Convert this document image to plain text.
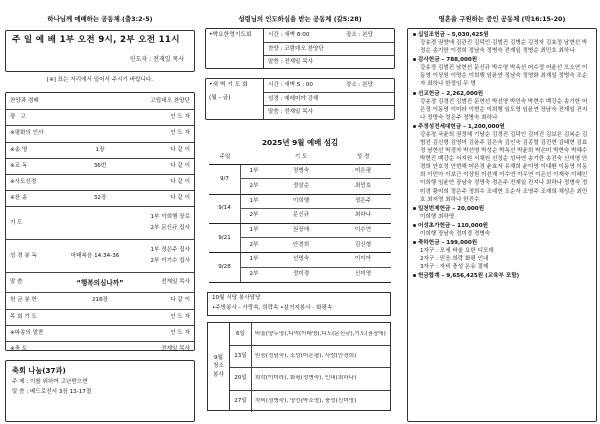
하나님께 예배하는 공동체 (출3:2-5)
주 일 예 배 1부 오전 9시, 2부 오전 11시
인도자 : 전재일 목사
[※] 표는 자리에서 일어서 주시기 바랍니다.
찬양과 경배	고립대오 찬양단
광 고	인 도 자
※평화의 인사	인 도 자
※송 영	1장	다 같 이
※교 독	36번	다 같 이
※사도신경	다 같 이
※찬 송	32장	다 같 이
기 도
1부 이희행 장로
2부 문신규 집사
성 경 봉 독	마태복음 14:34-36
1부 정은주 집사
2부 이기수 집사
말 씀	“행복의심나까”	전재일 목사
헌 금 봉 헌	216장	다 같 이
목 회 기 도	인 도 자
※파송의 말씀	인 도 자
※축 도	전재일 목사
축회 나눔(37과)
주 제 : 이를 위하여 고난받으면
말 씀 : 베드로전서 3장 13-17절
성령님의 인도하심을 받는 공동체 (갈5:28)
•박요한영기도회	시간 : 새벽 8:00	장소 : 본당
찬양 : 코람데오 찬양단
말씀 : 전재일 목사
•새 벽 기 도 회
(월 - 금)
시간 : 새벽 5 : 00	장소 : 본당
성경 : 예레미야 강해
말씀 : 전재일 목사
2025년 9월 예배 섬김
주일	기 도	성 경
9/7
1부	정병숙	어은평
2부	정삼순	최민호
9/14
1부	이희행	정은주
2부	문신규	최하나
9/21
1부	권장애	이수연
2부	안경희	김신형
9/28
1부	선명숙	이이아
2부	정미경	신미영
10월 식당 봉사담당
•주방봉사 - 사랑속, 희락속 •설거지봉사 - 화평속
9월
청소
봉사
6일	바울(양두영),디먹(이태영),디도(문신규),기도(권장애)
13일	믿음(정남숙), 소망(어은평), 사랑(안경희)
20일	희락(이미라), 화평(정병숙), 인내(최하나)
27일	자비(정병숙), 양선(박소영), 충성(신미영)
영혼을 구원하는 증인 공동체 (막16:15-20)
십일조헌금 – 5,030,425원
강송경 권향애 김관진 김덕인 김범진 김병순 김정자 김효정 남현선 박정순 송기한 이정희 정남숙 정병숙 전재일 정병순 최민호 최하나
감사헌금 – 788,000원
강송경 김범진 남현선 문신규 박수영 박옥선 어수정 어윤선 오소연 이동영 이상원 이명순 이희행 임윤연 정남숙 정영화 최재일 정병숙 조순자 최하나 한정임 무 명
선교헌금 – 2,262,000원
강송경 김경진 김범진 문현선 박선영 박민숙 박현수 백강순 송기한 어은정 이동영 이미라 이현순 이희행 임도영 임윤연 장남숙 전재일 진지나 정명숙 정은주 정병숙 최하나
주정성전세대헌금 – 1,200,000원
강송경 국윤희 권정혜 기남순 김경진 김덕인 김미진 김보은 김복순 김범진 김신형 김영미 김윤주 김은숙 김인숙 김종렬 김진현 김태현 김효정 남현선 박경자 박선영 박성순 박옥선 박윤희 박은미 박현숙 박혜수 박현진 백강순 서지원 서채원 선정순 성낙연 송기한 송진숙 신미영 안경희 안호정 안현해 어은경 윤효자 유재희 윤이영 이대환 이동영 이동희 이민아 이보근 이상원 이선재 이수연 이우연 이은선 이재숙 이혜인 이희행 임윤연 장남숙 정명숙 정은주 전재일 진지나 최하나 정병숙 정미경 황미희 정은주 정희수 조대현 조순자 조영주 조재희 채성은 최민호 최지영 최하나 한진수
일천번제헌금 – 20,000원
이희행 최하영
어성초가헌금 – 110,000원
이희행 장남숙 정미경 정병숙
축하헌금 – 199,000원
1자구 : 모세 바울 요한 디모데
2자구 : 믿음 희락 화평 인내
3자구 : 자비 충성 온유 절제
헌금합계 – 9,656,425원 (교육부 포함)
